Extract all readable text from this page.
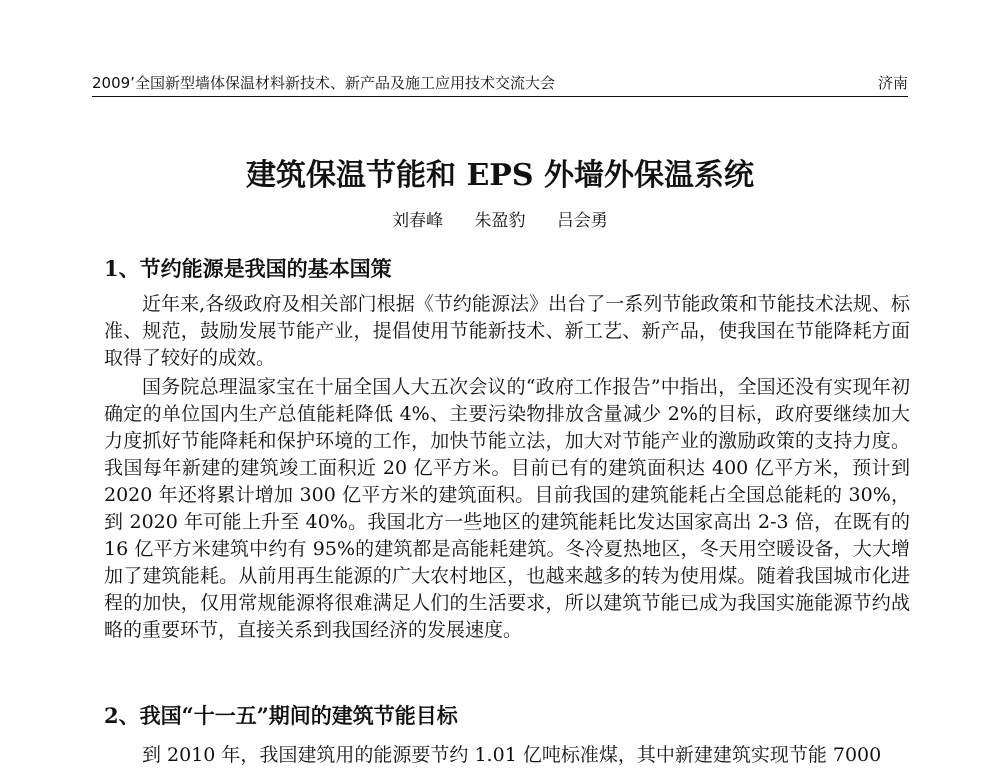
2009’全国新型墙体保温材料新技术、新产品及施工应用技术交流大会	济南
建筑保温节能和 EPS 外墙外保温系统
刘春峰 朱盈豹 吕会勇
1、节约能源是我国的基本国策

近年来,各级政府及相关部门根据《节约能源法》出台了一系列节能政策和节能技术法规、标准、规范，鼓励发展节能产业，提倡使用节能新技术、新工艺、新产品，使我国在节能降耗方面取得了较好的成效。

国务院总理温家宝在十届全国人大五次会议的“政府工作报告”中指出，全国还没有实现年初确定的单位国内生产总值能耗降低 4%、主要污染物排放含量减少 2%的目标，政府要继续加大力度抓好节能降耗和保护环境的工作，加快节能立法，加大对节能产业的激励政策的支持力度。我国每年新建的建筑竣工面积近 20 亿平方米。目前已有的建筑面积达 400 亿平方米，预计到 2020 年还将累计增加 300 亿平方米的建筑面积。目前我国的建筑能耗占全国总能耗的 30%，到 2020 年可能上升至 40%。我国北方一些地区的建筑能耗比发达国家高出 2-3 倍，在既有的 16 亿平方米建筑中约有 95%的建筑都是高能耗建筑。冬冷夏热地区，冬天用空暖设备，大大增加了建筑能耗。从前用再生能源的广大农村地区，也越来越多的转为使用煤。随着我国城市化进程的加快，仅用常规能源将很难满足人们的生活要求，所以建筑节能已成为我国实施能源节约战略的重要环节，直接关系到我国经济的发展速度。

2、我国“十一五”期间的建筑节能目标

到 2010 年，我国建筑用的能源要节约 1.01 亿吨标准煤，其中新建建筑实现节能 7000
